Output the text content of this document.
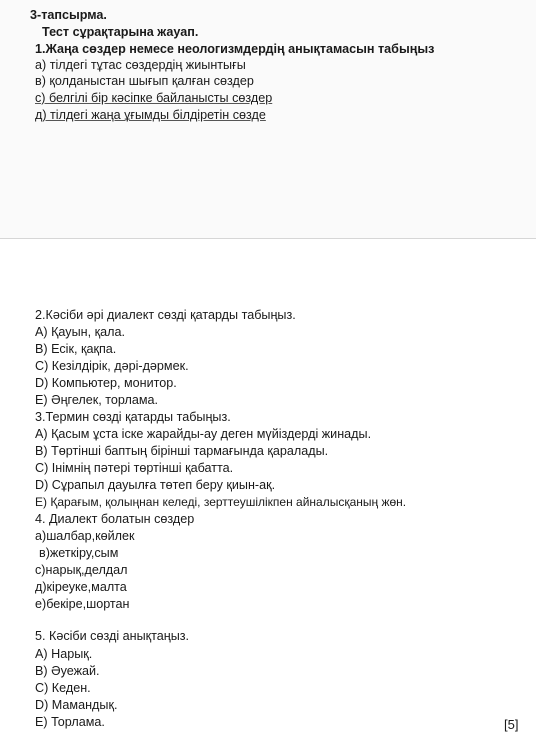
3-тапсырма.
Тест сұрақтарына жауап.
1.Жаңа сөздер немесе неологизмдердің анықтамасын табыңыз
а) тілдегі тұтас сөздердің жиынтығы
в) қолданыстан шығып қалған сөздер
с) белгілі бір кәсіпке байланысты сөздер
д) тілдегі жаңа ұғымды білдіретін сөзде
2.Кәсіби әрі диалект сөзді қатарды табыңыз.
А) Қауын, қала.
В) Есік, қақпа.
С) Кезілдірік, дәрі-дәрмек.
D) Компьютер, монитор.
Е) Әңгелек, торлама.
3.Термин сөзді қатарды табыңыз.
А) Қасым ұста іске жарайды-ау деген мүйіздерді жинады.
В) Төртінші баптың бірінші тармағында қаралады.
С) Інімнің пәтері төртінші қабатта.
D) Сұрапыл дауылға төтеп беру қиын-ақ.
Е) Қарағым, қолыңнан келеді, зерттеушілікпен айналысқаның жөн.
4. Диалект болатын сөздер
а)шалбар,көйлек
в)жеткіру,сым
с)нарық,делдал
д)кіреуке,малта
е)бекіре,шортан
5. Кәсіби сөзді анықтаңыз.
А) Нарық.
В) Әуежай.
С) Кеден.
D) Мамандық.
Е) Торлама.	[5]
